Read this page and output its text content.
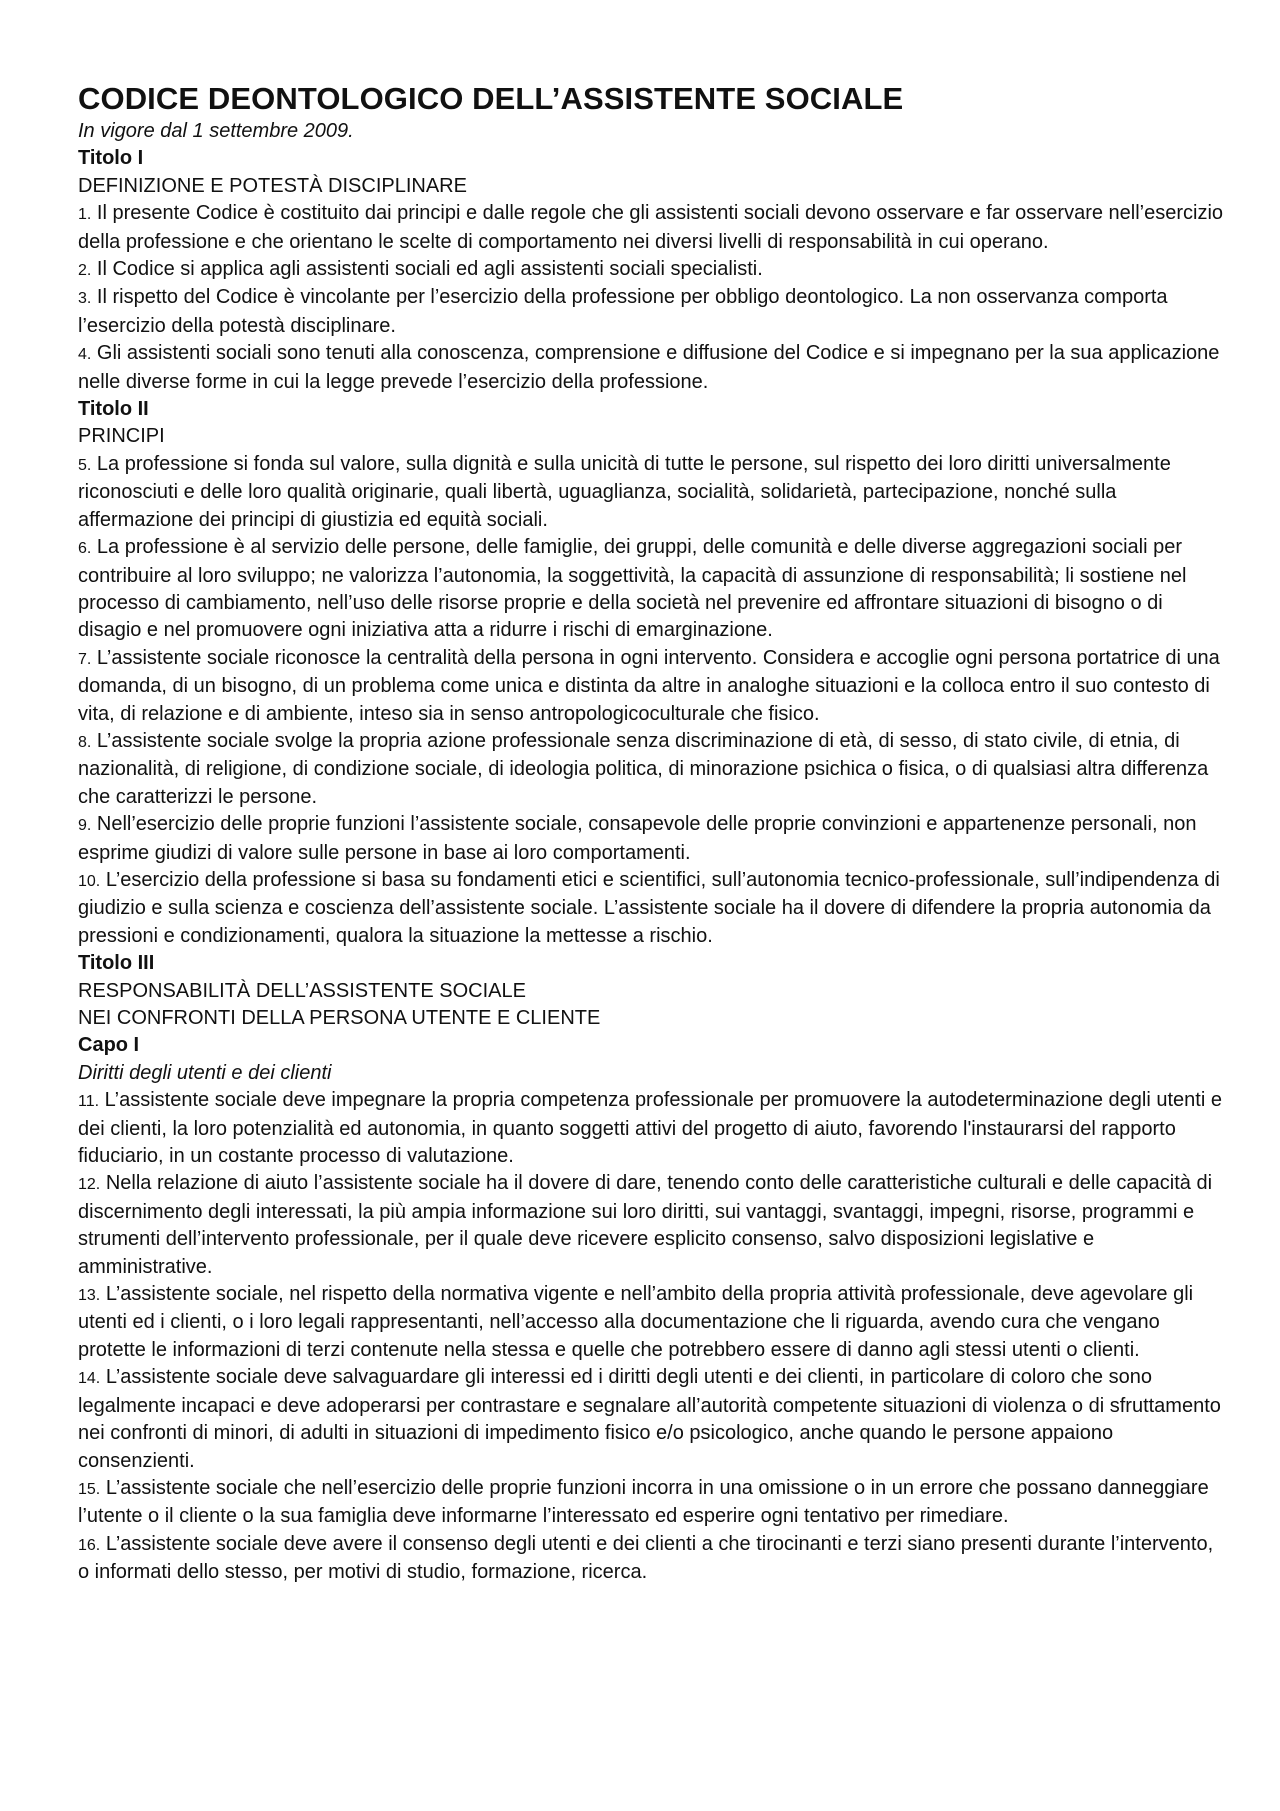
CODICE DEONTOLOGICO DELL’ASSISTENTE SOCIALE
In vigore dal 1 settembre 2009.
Titolo I
DEFINIZIONE E POTESTÀ DISCIPLINARE
1. Il presente Codice è costituito dai principi e dalle regole che gli assistenti sociali devono osservare e far osservare nell’esercizio della professione e che orientano le scelte di comportamento nei diversi livelli di responsabilità in cui operano.
2. Il Codice si applica agli assistenti sociali ed agli assistenti sociali specialisti.
3. Il rispetto del Codice è vincolante per l’esercizio della professione per obbligo deontologico. La non osservanza comporta l’esercizio della potestà disciplinare.
4. Gli assistenti sociali sono tenuti alla conoscenza, comprensione e diffusione del Codice e si impegnano per la sua applicazione nelle diverse forme in cui la legge prevede l’esercizio della professione.
Titolo II
PRINCIPI
5. La professione si fonda sul valore, sulla dignità e sulla unicità di tutte le persone, sul rispetto dei loro diritti universalmente riconosciuti e delle loro qualità originarie, quali libertà, uguaglianza, socialità, solidarietà, partecipazione, nonché sulla affermazione dei principi di giustizia ed equità sociali.
6. La professione è al servizio delle persone, delle famiglie, dei gruppi, delle comunità e delle diverse aggregazioni sociali per contribuire al loro sviluppo; ne valorizza l’autonomia, la soggettività, la capacità di assunzione di responsabilità; li sostiene nel processo di cambiamento, nell’uso delle risorse proprie e della società nel prevenire ed affrontare situazioni di bisogno o di disagio e nel promuovere ogni iniziativa atta a ridurre i rischi di emarginazione.
7. L’assistente sociale riconosce la centralità della persona in ogni intervento. Considera e accoglie ogni persona portatrice di una domanda, di un bisogno, di un problema come unica e distinta da altre in analoghe situazioni e la colloca entro il suo contesto di vita, di relazione e di ambiente, inteso sia in senso antropologicoculturale che fisico.
8. L’assistente sociale svolge la propria azione professionale senza discriminazione di età, di sesso, di stato civile, di etnia, di nazionalità, di religione, di condizione sociale, di ideologia politica, di minorazione psichica o fisica, o di qualsiasi altra differenza che caratterizzi le persone.
9. Nell’esercizio delle proprie funzioni l’assistente sociale, consapevole delle proprie convinzioni e appartenenze personali, non esprime giudizi di valore sulle persone in base ai loro comportamenti.
10. L’esercizio della professione si basa su fondamenti etici e scientifici, sull’autonomia tecnico-professionale, sull’indipendenza di giudizio e sulla scienza e coscienza dell’assistente sociale. L’assistente sociale ha il dovere di difendere la propria autonomia da pressioni e condizionamenti, qualora la situazione la mettesse a rischio.
Titolo III
RESPONSABILITÀ DELL’ASSISTENTE SOCIALE
NEI CONFRONTI DELLA PERSONA UTENTE E CLIENTE
Capo I
Diritti degli utenti e dei clienti
11. L’assistente sociale deve impegnare la propria competenza professionale per promuovere la autodeterminazione degli utenti e dei clienti, la loro potenzialità ed autonomia, in quanto soggetti attivi del progetto di aiuto, favorendo l'instaurarsi del rapporto fiduciario, in un costante processo di valutazione.
12. Nella relazione di aiuto l’assistente sociale ha il dovere di dare, tenendo conto delle caratteristiche culturali e delle capacità di discernimento degli interessati, la più ampia informazione sui loro diritti, sui vantaggi, svantaggi, impegni, risorse, programmi e strumenti dell’intervento professionale, per il quale deve ricevere esplicito consenso, salvo disposizioni legislative e amministrative.
13. L’assistente sociale, nel rispetto della normativa vigente e nell’ambito della propria attività professionale, deve agevolare gli utenti ed i clienti, o i loro legali rappresentanti, nell’accesso alla documentazione che li riguarda, avendo cura che vengano protette le informazioni di terzi contenute nella stessa e quelle che potrebbero essere di danno agli stessi utenti o clienti.
14. L’assistente sociale deve salvaguardare gli interessi ed i diritti degli utenti e dei clienti, in particolare di coloro che sono legalmente incapaci e deve adoperarsi per contrastare e segnalare all’autorità competente situazioni di violenza o di sfruttamento nei confronti di minori, di adulti in situazioni di impedimento fisico e/o psicologico, anche quando le persone appaiono consenzienti.
15. L’assistente sociale che nell’esercizio delle proprie funzioni incorra in una omissione o in un errore che possano danneggiare l’utente o il cliente o la sua famiglia deve informarne l’interessato ed esperire ogni tentativo per rimediare.
16. L’assistente sociale deve avere il consenso degli utenti e dei clienti a che tirocinanti e terzi siano presenti durante l’intervento, o informati dello stesso, per motivi di studio, formazione, ricerca.
